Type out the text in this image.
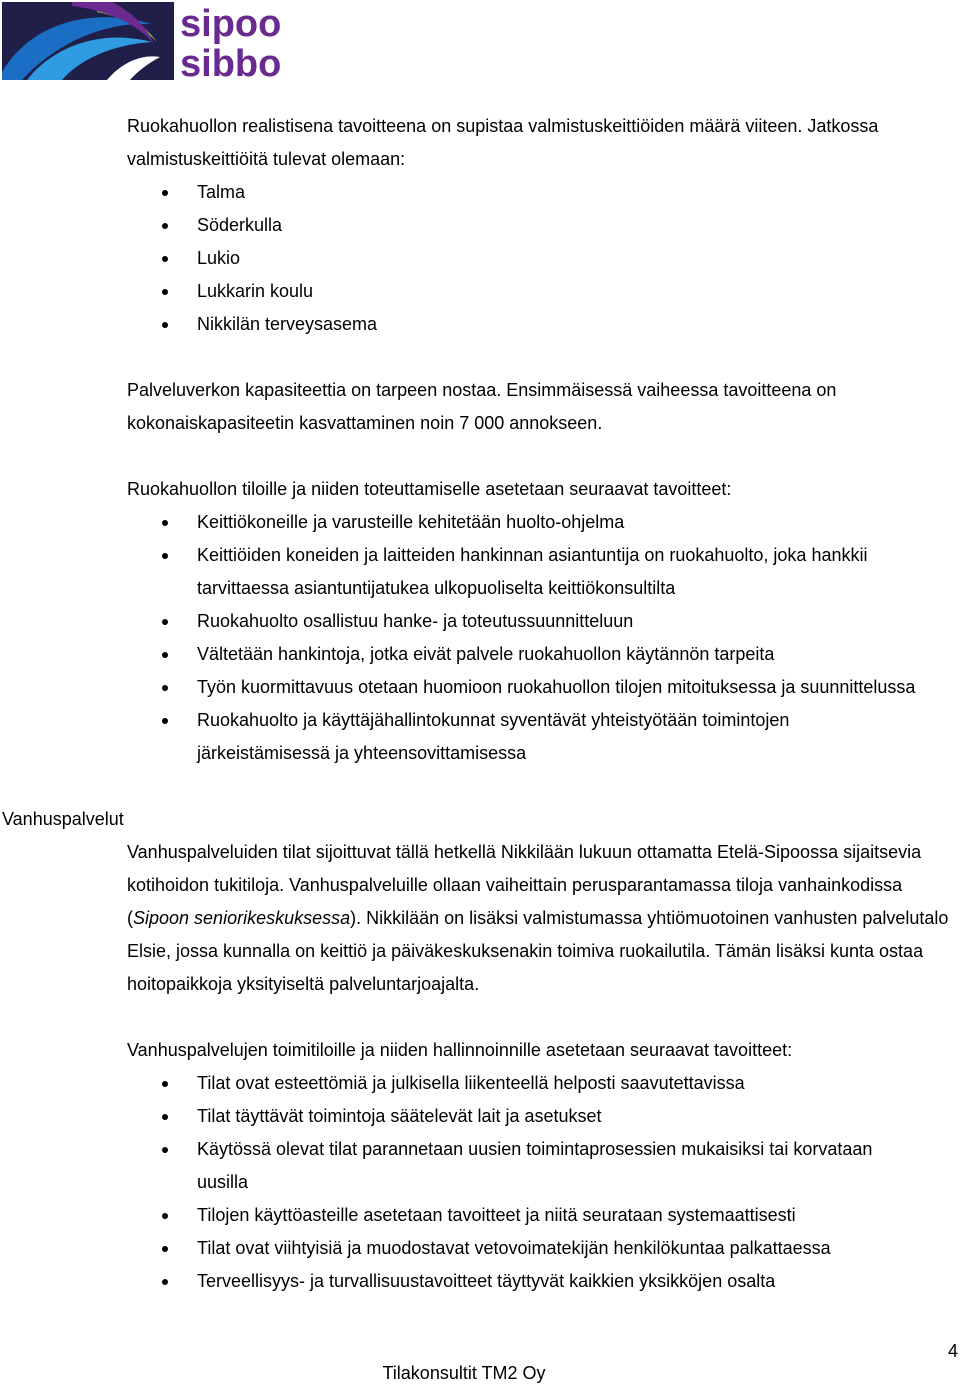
sipoo
sibbo

Ruokahuollon realistisena tavoitteena on supistaa valmistuskeittiöiden määrä viiteen. Jatkossa valmistuskeittiöitä tulevat olemaan:

Talma
Söderkulla
Lukio
Lukkarin koulu
Nikkilän terveysasema

Palveluverkon kapasiteettia on tarpeen nostaa. Ensimmäisessä vaiheessa tavoitteena on kokonaiskapasiteetin kasvattaminen noin 7 000 annokseen.

Ruokahuollon tiloille ja niiden toteuttamiselle asetetaan seuraavat tavoitteet:

Keittiökoneille ja varusteille kehitetään huolto-ohjelma
Keittiöiden koneiden ja laitteiden hankinnan asiantuntija on ruokahuolto, joka hankkii tarvittaessa asiantuntijatukea ulkopuoliselta keittiökonsultilta
Ruokahuolto osallistuu hanke- ja toteutussuunnitteluun
Vältetään hankintoja, jotka eivät palvele ruokahuollon käytännön tarpeita
Työn kuormittavuus otetaan huomioon ruokahuollon tilojen mitoituksessa ja suunnittelussa
Ruokahuolto ja käyttäjähallintokunnat syventävät yhteistyötään toimintojen järkeistämisessä ja yhteensovittamisessa
Vanhuspalvelut

Vanhuspalveluiden tilat sijoittuvat tällä hetkellä Nikkilään lukuun ottamatta Etelä-Sipoossa sijaitsevia kotihoidon tukitiloja. Vanhuspalveluille ollaan vaiheittain perusparantamassa tiloja vanhainkodissa (Sipoon seniorikeskuksessa). Nikkilään on lisäksi valmistumassa yhtiömuotoinen vanhusten palvelutalo Elsie, jossa kunnalla on keittiö ja päiväkeskuksenakin toimiva ruokailutila. Tämän lisäksi kunta ostaa hoitopaikkoja yksityiseltä palveluntarjoajalta.

Vanhuspalvelujen toimitiloille ja niiden hallinnoinnille asetetaan seuraavat tavoitteet:

Tilat ovat esteettömiä ja julkisella liikenteellä helposti saavutettavissa
Tilat täyttävät toimintoja säätelevät lait ja asetukset
Käytössä olevat tilat parannetaan uusien toimintaprosessien mukaisiksi tai korvataan uusilla
Tilojen käyttöasteille asetetaan tavoitteet ja niitä seurataan systemaattisesti
Tilat ovat viihtyisiä ja muodostavat vetovoimatekijän henkilökuntaa palkattaessa
Terveellisyys- ja turvallisuustavoitteet täyttyvät kaikkien yksikköjen osalta
4
Tilakonsultit TM2 Oy
